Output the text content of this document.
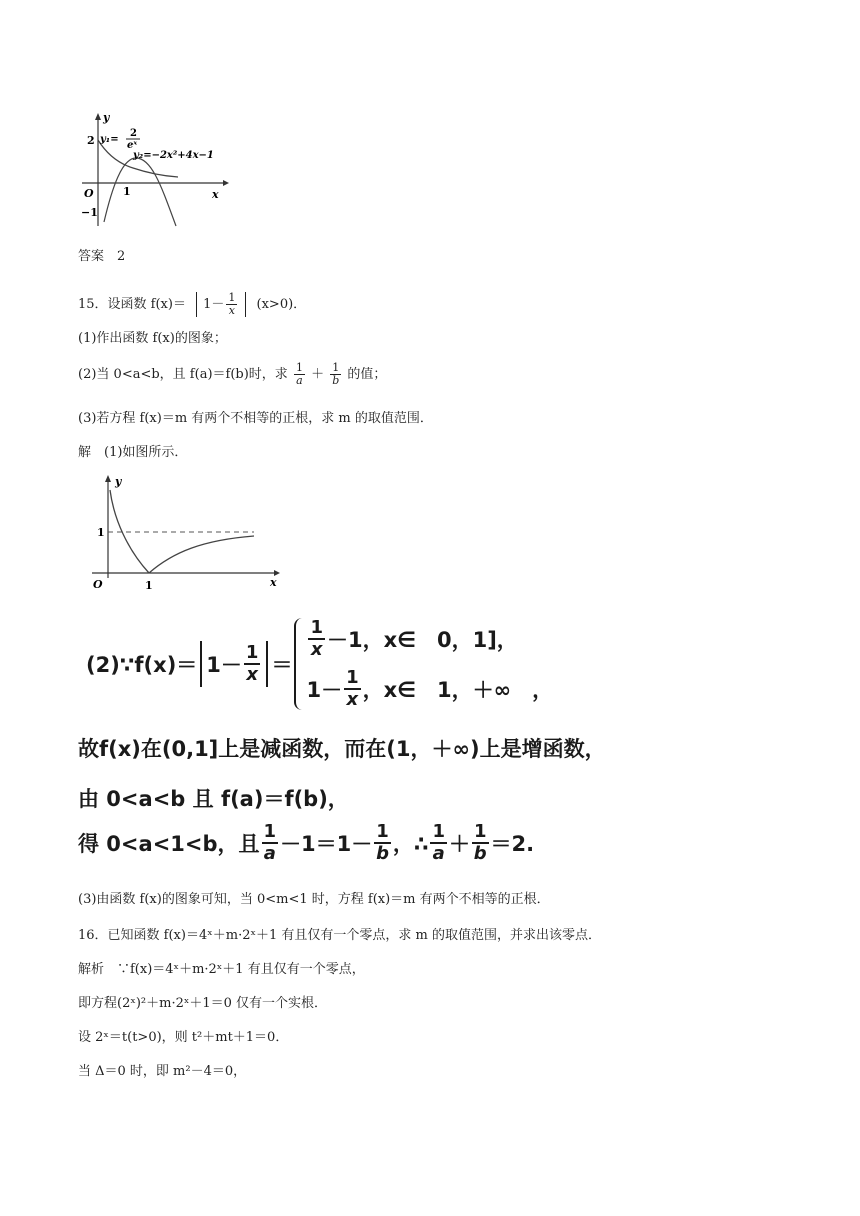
y
x
O
2
−1
1
y₁=
2
eˣ
y₂=−2x²+4x−1
答案　2
15．设函数 $f(x)= 1- \frac{1}{x} (x>0)$．
(1)作出函数 f(x)的图象；
(2)当 0<a<b，且 f(a)＝f(b)时，求 $\frac{1}{a} + \frac{1}{b}$ 的值；
(3)若方程 f(x)＝m 有两个不相等的正根，求 m 的取值范围．
解　(1)如图所示．
y
x
O
1
1
(2)∵f(x)＝ $1- \frac{1}{x}$ ＝
$\frac{1}{x} -1$，x∈　0，1]，
$1- \frac{1}{x}$ ，x∈　1，＋∞　，
故f(x)在(0,1]上是减函数，而在(1，＋∞)上是增函数，
由 0<a<b 且 f(a)＝f(b)，
得 0<a<1<b，且
1
a －1＝1－
1
b ，∴
1
a ＋
1
b ＝2.
(3)由函数 f(x)的图象可知，当 0<m<1 时，方程 f(x)＝m 有两个不相等的正根．
16．已知函数 f(x)＝4ˣ＋m·2ˣ＋1 有且仅有一个零点，求 m 的取值范围，并求出该零点．
解析　∵f(x)＝4ˣ＋m·2ˣ＋1 有且仅有一个零点，
即方程(2ˣ)²＋m·2ˣ＋1＝0 仅有一个实根．
设 2ˣ＝t(t>0)，则 t²＋mt＋1＝0．
当 Δ＝0 时，即 m²－4＝0，
